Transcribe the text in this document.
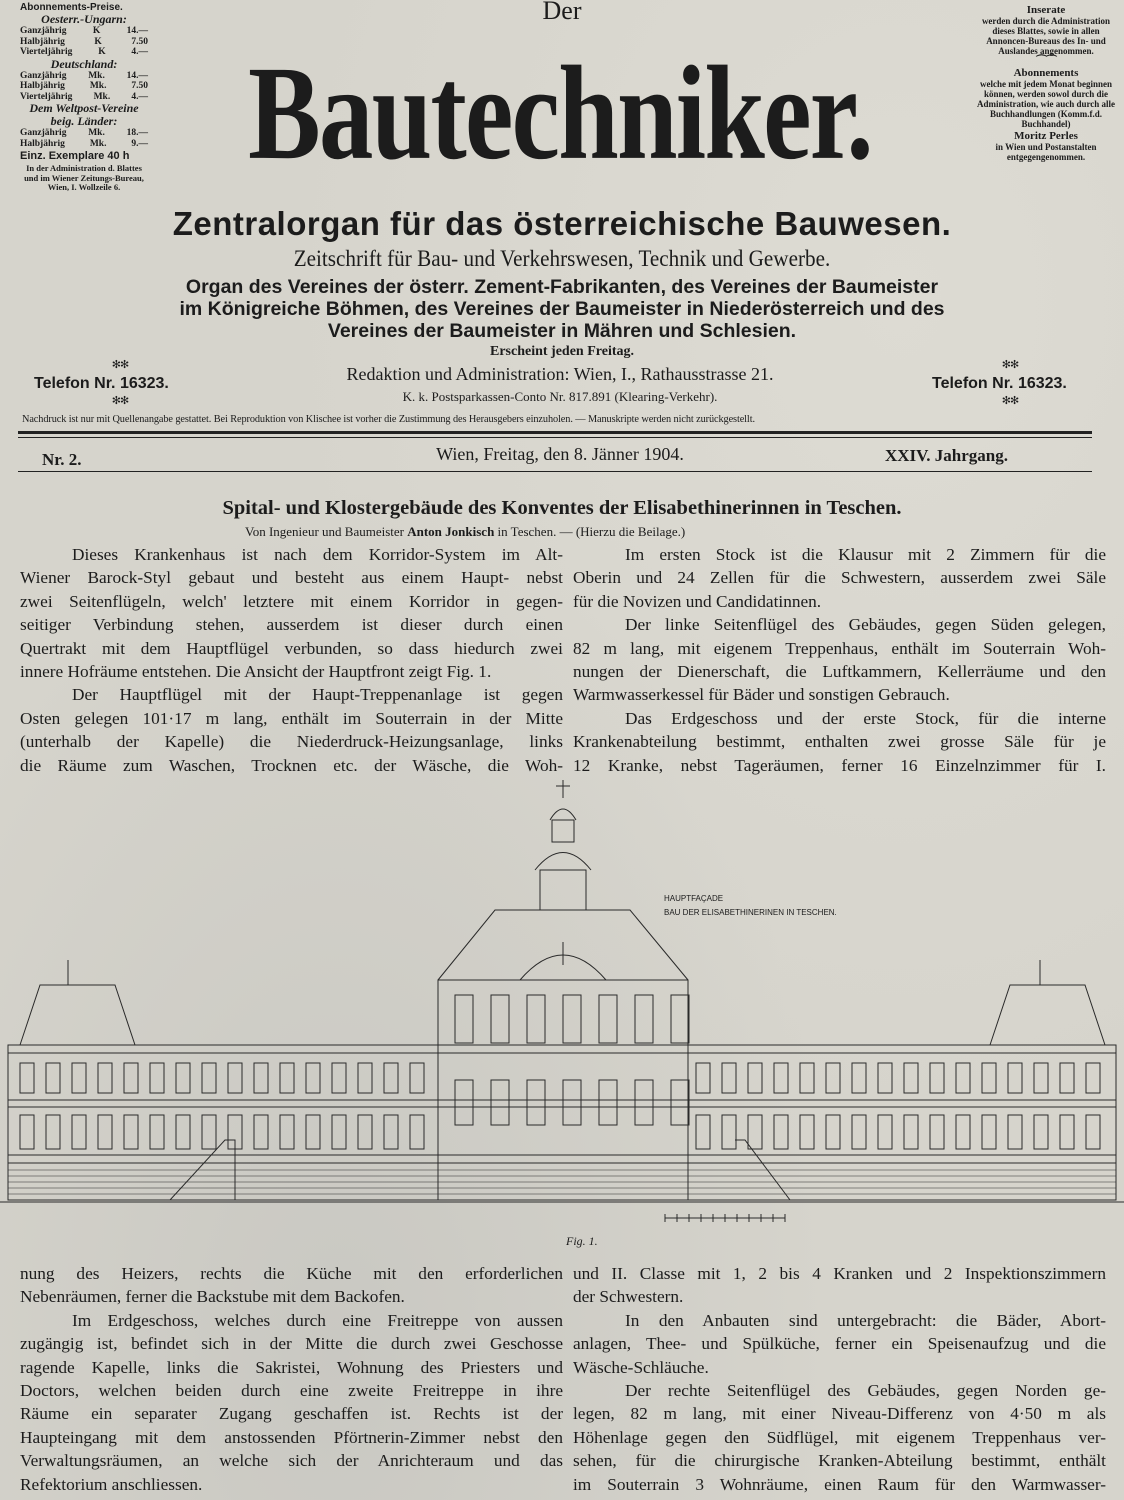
Der
Bautechniker.
Abonnements-Preise.
Oesterr.-Ungarn:
Ganzjährig	K	14.—
Halbjährig	K	7.50
Vierteljährig	K	4.—
Deutschland:
Ganzjährig Mk. 14.—
Halbjährig	Mk.	7.50
Vierteljährig Mk. 4.—
Dem Weltpost-Vereine beig. Länder:
Ganzjährig Mk. 18.—
Halbjährig	Mk.	9.—
Einz. Exemplare 40 h
In der Administration d. Blattes und im Wiener Zeitungs-Bureau, Wien, I. Wollzeile 6.
Inserate
werden durch die Administration dieses Blattes, sowie in allen Annoncen-Bureaus des In- und Auslandes angenommen.
⌒⌒
Abonnements
welche mit jedem Monat beginnen können, werden sowol durch die Administration, wie auch durch alle Buchhandlungen (Komm.f.d. Buchhandel)
Moritz Perles
in Wien und Postanstalten entgegengenommen.
Zentralorgan für das österreichische Bauwesen.
Zeitschrift für Bau- und Verkehrswesen, Technik und Gewerbe.
Organ des Vereines der österr. Zement-Fabrikanten, des Vereines der Baumeister
im Königreiche Böhmen, des Vereines der Baumeister in Niederösterreich und des
Vereines der Baumeister in Mähren und Schlesien.
Erscheint jeden Freitag.
✻✻
✻✻
✻✻
✻✻
Telefon Nr. 16323.	Telefon Nr. 16323.
Redaktion und Administration: Wien, I., Rathausstrasse 21.
K. k. Postsparkassen-Conto Nr. 817.891 (Klearing-Verkehr).
Nachdruck ist nur mit Quellenangabe gestattet. Bei Reproduktion von Klischee ist vorher die Zustimmung des Herausgebers einzuholen. — Manuskripte werden nicht zurückgestellt.
Nr. 2.	Wien, Freitag, den 8. Jänner 1904.	XXIV. Jahrgang.
Spital- und Klostergebäude des Konventes der Elisabethinerinnen in Teschen.
Von Ingenieur und Baumeister Anton Jonkisch in Teschen. — (Hierzu die Beilage.)
Dieses Krankenhaus ist nach dem Korridor-System im Alt-
Wiener Barock-Styl gebaut und besteht aus einem Haupt- nebst
zwei Seitenflügeln, welch' letztere mit einem Korridor in gegen-
seitiger Verbindung stehen, ausserdem ist dieser durch einen
Quertrakt mit dem Hauptflügel verbunden, so dass hiedurch zwei
innere Hofräume entstehen. Die Ansicht der Hauptfront zeigt Fig. 1.
Der Hauptflügel mit der Haupt-Treppenanlage ist gegen
Osten gelegen 101·17 m lang, enthält im Souterrain in der Mitte
(unterhalb der Kapelle) die Niederdruck-Heizungsanlage, links
die Räume zum Waschen, Trocknen etc. der Wäsche, die Woh-
Im ersten Stock ist die Klausur mit 2 Zimmern für die
Oberin und 24 Zellen für die Schwestern, ausserdem zwei Säle
für die Novizen und Candidatinnen.
Der linke Seitenflügel des Gebäudes, gegen Süden gelegen,
82 m lang, mit eigenem Treppenhaus, enthält im Souterrain Woh-
nungen der Dienerschaft, die Luftkammern, Kellerräume und den
Warmwasserkessel für Bäder und sonstigen Gebrauch.
Das Erdgeschoss und der erste Stock, für die interne
Krankenabteilung bestimmt, enthalten zwei grosse Säle für je
12 Kranke, nebst Tageräumen, ferner 16 Einzelnzimmer für I.
HAUPTFAÇADE
BAU DER ELISABETHINERINEN IN TESCHEN.
Fig. 1.
nung des Heizers, rechts die Küche mit den erforderlichen
Nebenräumen, ferner die Backstube mit dem Backofen.
Im Erdgeschoss, welches durch eine Freitreppe von aussen
zugängig ist, befindet sich in der Mitte die durch zwei Geschosse
ragende Kapelle, links die Sakristei, Wohnung des Priesters und
Doctors, welchen beiden durch eine zweite Freitreppe in ihre
Räume ein separater Zugang geschaffen ist. Rechts ist der
Haupteingang mit dem anstossenden Pförtnerin-Zimmer nebst den
Verwaltungsräumen, an welche sich der Anrichteraum und das
Refektorium anschliessen.
und II. Classe mit 1, 2 bis 4 Kranken und 2 Inspektionszimmern
der Schwestern.
In den Anbauten sind untergebracht: die Bäder, Abort-
anlagen, Thee- und Spülküche, ferner ein Speisenaufzug und die
Wäsche-Schläuche.
Der rechte Seitenflügel des Gebäudes, gegen Norden ge-
legen, 82 m lang, mit einer Niveau-Differenz von 4·50 m als
Höhenlage gegen den Südflügel, mit eigenem Treppenhaus ver-
sehen, für die chirurgische Kranken-Abteilung bestimmt, enthält
im Souterrain 3 Wohnräume, einen Raum für den Warmwasser-
